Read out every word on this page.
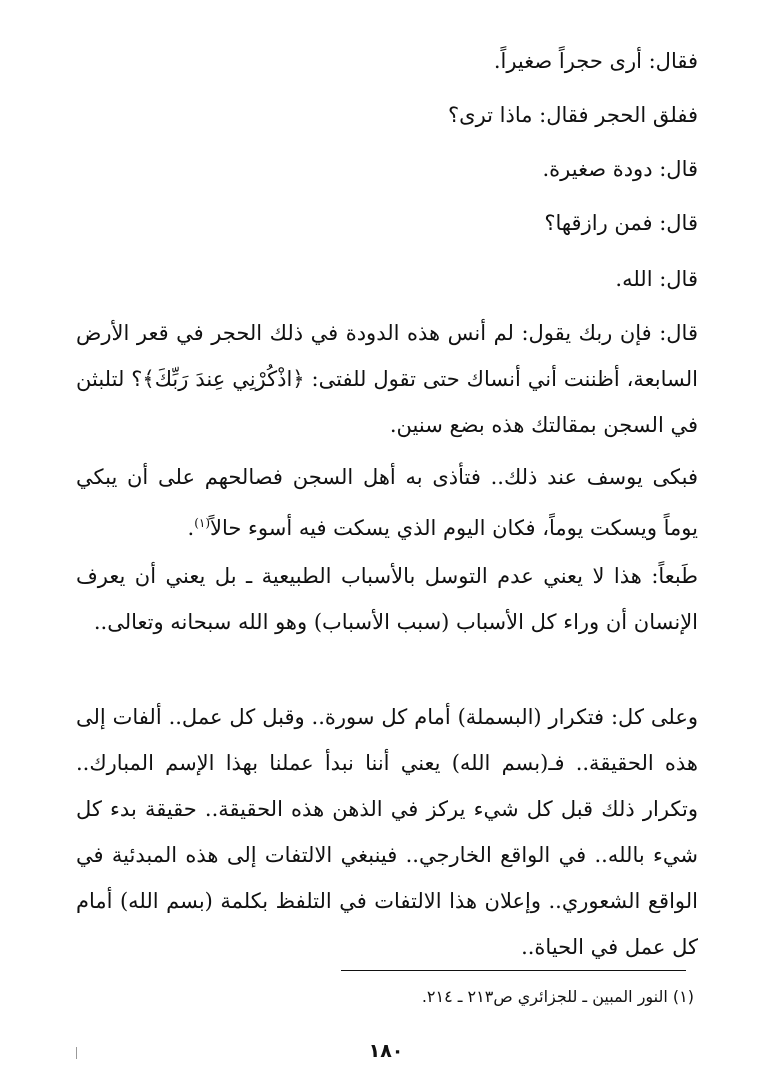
فقال: أرى حجراً صغيراً.

ففلق الحجر فقال: ماذا ترى؟

قال: دودة صغيرة.

قال: فمن رازقها؟

قال: الله.

قال: فإن ربك يقول: لم أنس هذه الدودة في ذلك الحجر في قعر الأرض السابعة، أظننت أني أنساك حتى تقول للفتى: ﴿اذْكُرْنِي عِندَ رَبِّكَ﴾؟ لتلبثن في السجن بمقالتك هذه بضع سنين.

فبكى يوسف عند ذلك.. فتأذى به أهل السجن فصالحهم على أن يبكي يوماً ويسكت يوماً، فكان اليوم الذي يسكت فيه أسوء حالاً$^{(١)}$.

طَبعاً: هذا لا يعني عدم التوسل بالأسباب الطبيعية ـ بل يعني أن يعرف الإنسان أن وراء كل الأسباب (سبب الأسباب) وهو الله سبحانه وتعالى..

وعلى كل: فتكرار (البسملة) أمام كل سورة.. وقبل كل عمل.. ألفات إلى هذه الحقيقة.. فـ(بسم الله) يعني أننا نبدأ عملنا بهذا الإسم المبارك.. وتكرار ذلك قبل كل شيء يركز في الذهن هذه الحقيقة.. حقيقة بدء كل شيء بالله.. في الواقع الخارجي.. فينبغي الالتفات إلى هذه المبدئية في الواقع الشعوري.. وإعلان هذا الالتفات في التلفظ بكلمة (بسم الله) أمام كل عمل في الحياة..

(١) النور المبين ـ للجزائري ص٢١٣ ـ ٢١٤.

١٨٠
